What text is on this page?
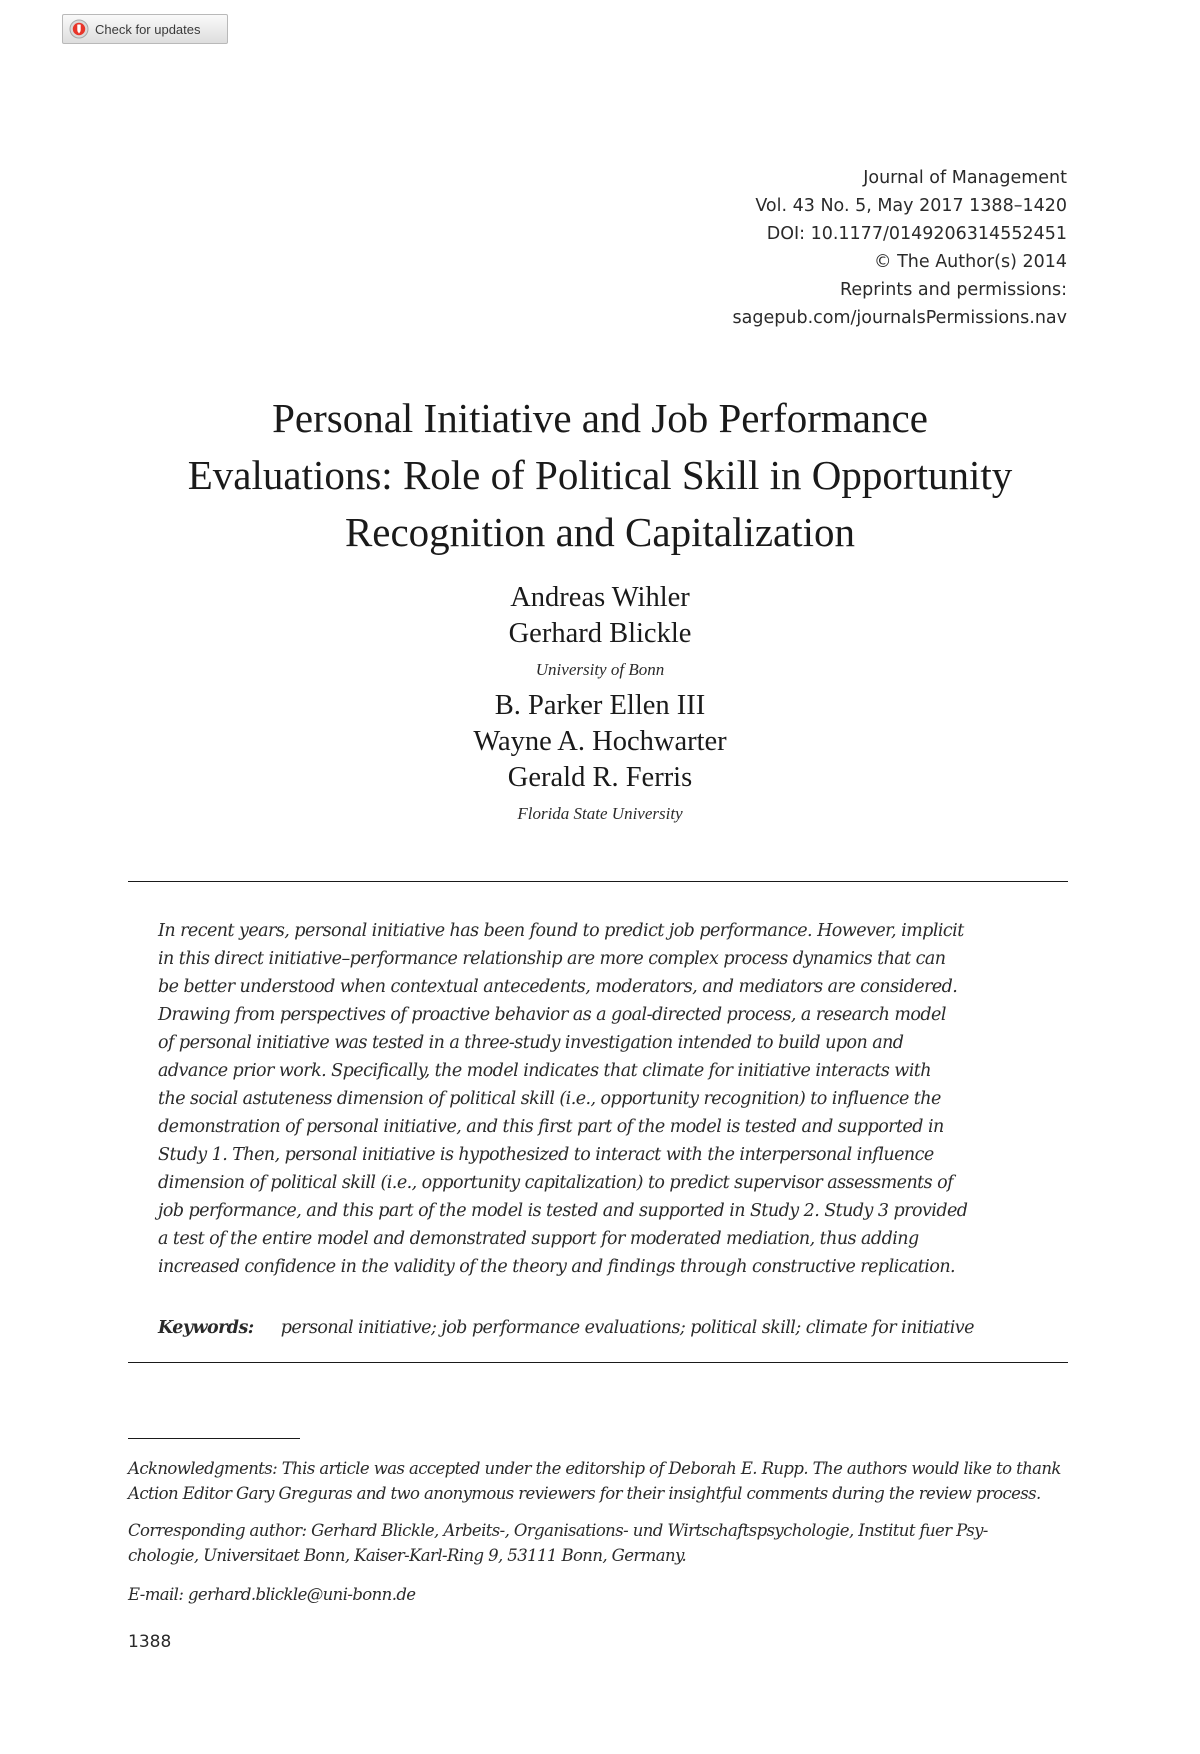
Check for updates
Journal of Management
Vol. 43 No. 5, May 2017 1388–1420
DOI: 10.1177/0149206314552451
© The Author(s) 2014
Reprints and permissions:
sagepub.com/journalsPermissions.nav
Personal Initiative and Job Performance
Evaluations: Role of Political Skill in Opportunity
Recognition and Capitalization
Andreas Wihler
Gerhard Blickle
University of Bonn
B. Parker Ellen III
Wayne A. Hochwarter
Gerald R. Ferris
Florida State University
In recent years, personal initiative has been found to predict job performance. However, implicit
in this direct initiative–performance relationship are more complex process dynamics that can
be better understood when contextual antecedents, moderators, and mediators are considered.
Drawing from perspectives of proactive behavior as a goal-directed process, a research model
of personal initiative was tested in a three-study investigation intended to build upon and
advance prior work. Specifically, the model indicates that climate for initiative interacts with
the social astuteness dimension of political skill (i.e., opportunity recognition) to influence the
demonstration of personal initiative, and this first part of the model is tested and supported in
Study 1. Then, personal initiative is hypothesized to interact with the interpersonal influence
dimension of political skill (i.e., opportunity capitalization) to predict supervisor assessments of
job performance, and this part of the model is tested and supported in Study 2. Study 3 provided
a test of the entire model and demonstrated support for moderated mediation, thus adding
increased confidence in the validity of the theory and findings through constructive replication.
Keywords: personal initiative; job performance evaluations; political skill; climate for initiative
Acknowledgments: This article was accepted under the editorship of Deborah E. Rupp. The authors would like to thank
Action Editor Gary Greguras and two anonymous reviewers for their insightful comments during the review process.
Corresponding author: Gerhard Blickle, Arbeits-, Organisations- und Wirtschaftspsychologie, Institut fuer Psy-
chologie, Universitaet Bonn, Kaiser-Karl-Ring 9, 53111 Bonn, Germany.
E-mail: gerhard.blickle@uni-bonn.de
1388
